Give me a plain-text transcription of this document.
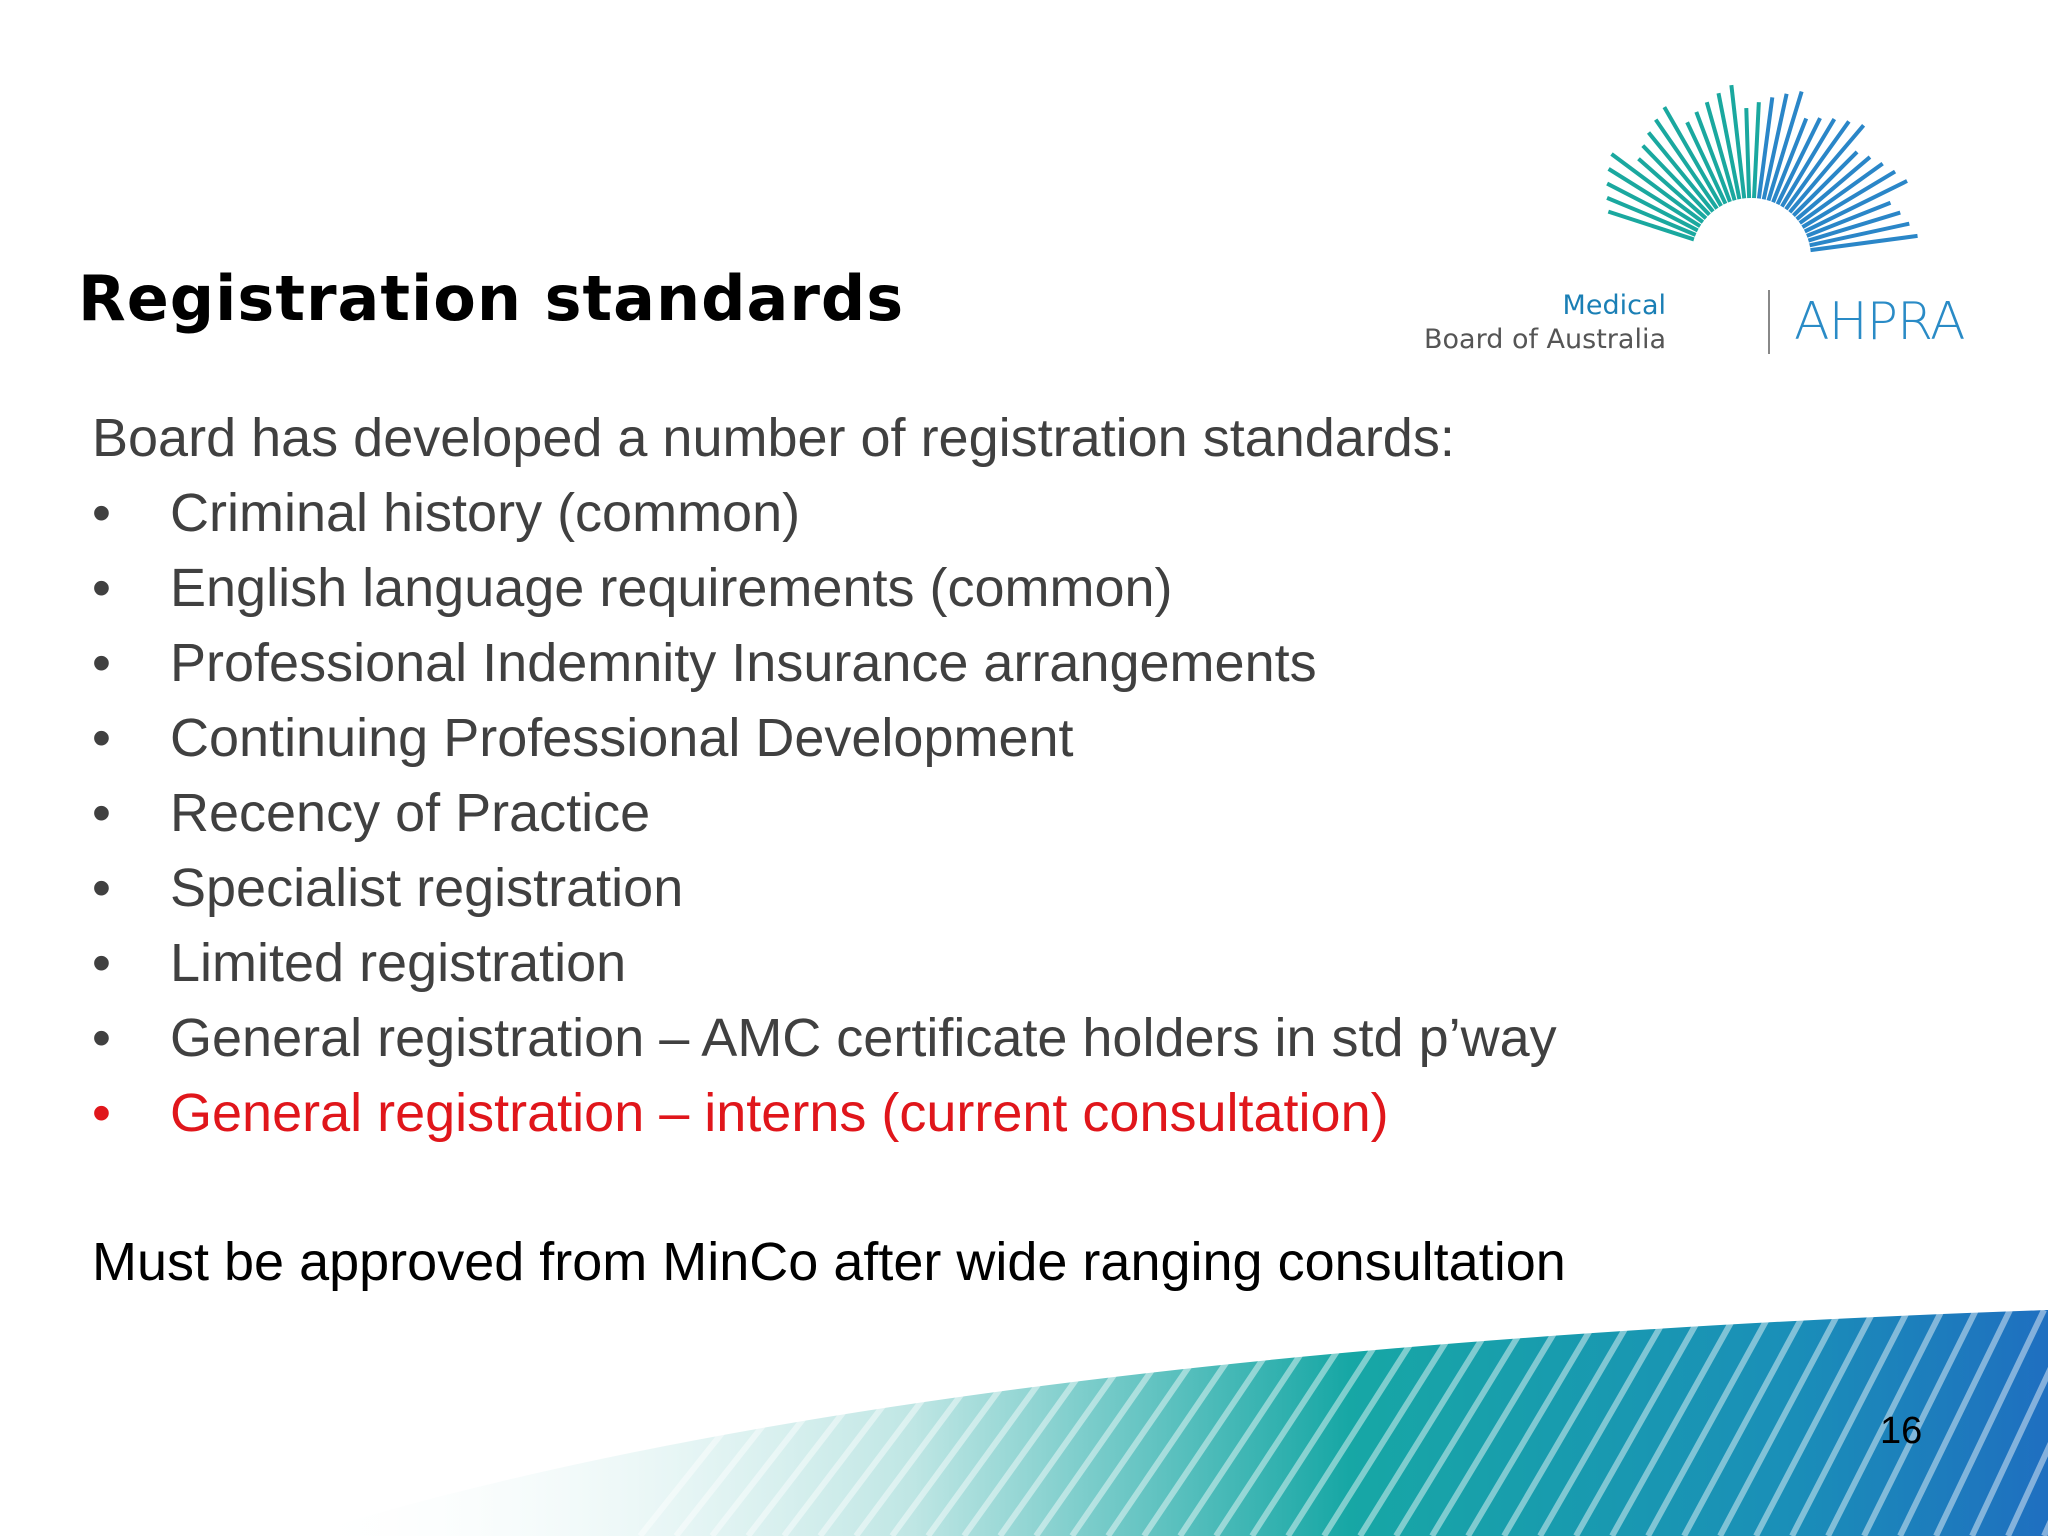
Registration standards	Medical
Board of Australia AHPRA
Board has developed a number of registration standards:
• Criminal history (common)
• English language requirements (common)
• Professional Indemnity Insurance arrangements
• Continuing Professional Development
• Recency of Practice
• Specialist registration
• Limited registration
• General registration – AMC certificate holders in std p’way
• General registration – interns (current consultation)
Must be approved from MinCo after wide ranging consultation
16
